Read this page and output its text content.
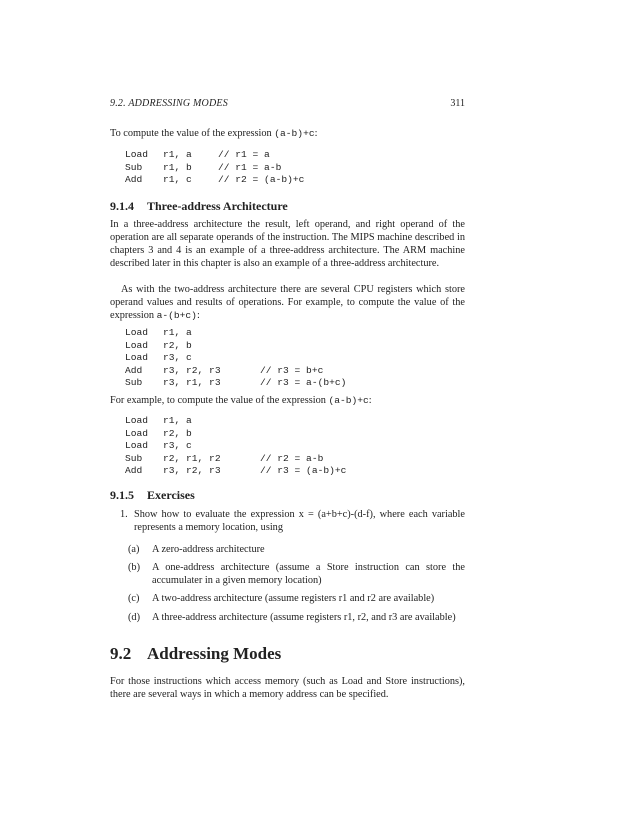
9.2. ADDRESSING MODES	311
To compute the value of the expression (a-b)+c:
Load r1, a	// r1 = a
Sub r1, b	// r1 = a-b
Add r1, c	// r2 = (a-b)+c
9.1.4 Three-address Architecture
In a three-address architecture the result, left operand, and right operand of the operation are all separate operands of the instruction. The MIPS machine described in chapters 3 and 4 is an example of a three-address architecture. The ARM machine described later in this chapter is also an example of a three-address architecture.
As with the two-address architecture there are several CPU registers which store operand values and results of operations. For example, to compute the value of the expression a-(b+c):
Load r1, a
Load r2, b
Load r3, c
Add r3, r2, r3	// r3 = b+c
Sub r3, r1, r3	// r3 = a-(b+c)
For example, to compute the value of the expression (a-b)+c:
Load r1, a
Load r2, b
Load r3, c
Sub r2, r1, r2	// r2 = a-b
Add r3, r2, r3	// r3 = (a-b)+c
9.1.5 Exercises
1. Show how to evaluate the expression x = (a+b+c)-(d-f), where each variable represents a memory location, using
(a) A zero-address architecture
(b) A one-address architecture (assume a Store instruction can store the accumulater in a given memory location)
(c) A two-address architecture (assume registers r1 and r2 are available)
(d) A three-address architecture (assume registers r1, r2, and r3 are available)
9.2 Addressing Modes
For those instructions which access memory (such as Load and Store instructions), there are several ways in which a memory address can be specified.
